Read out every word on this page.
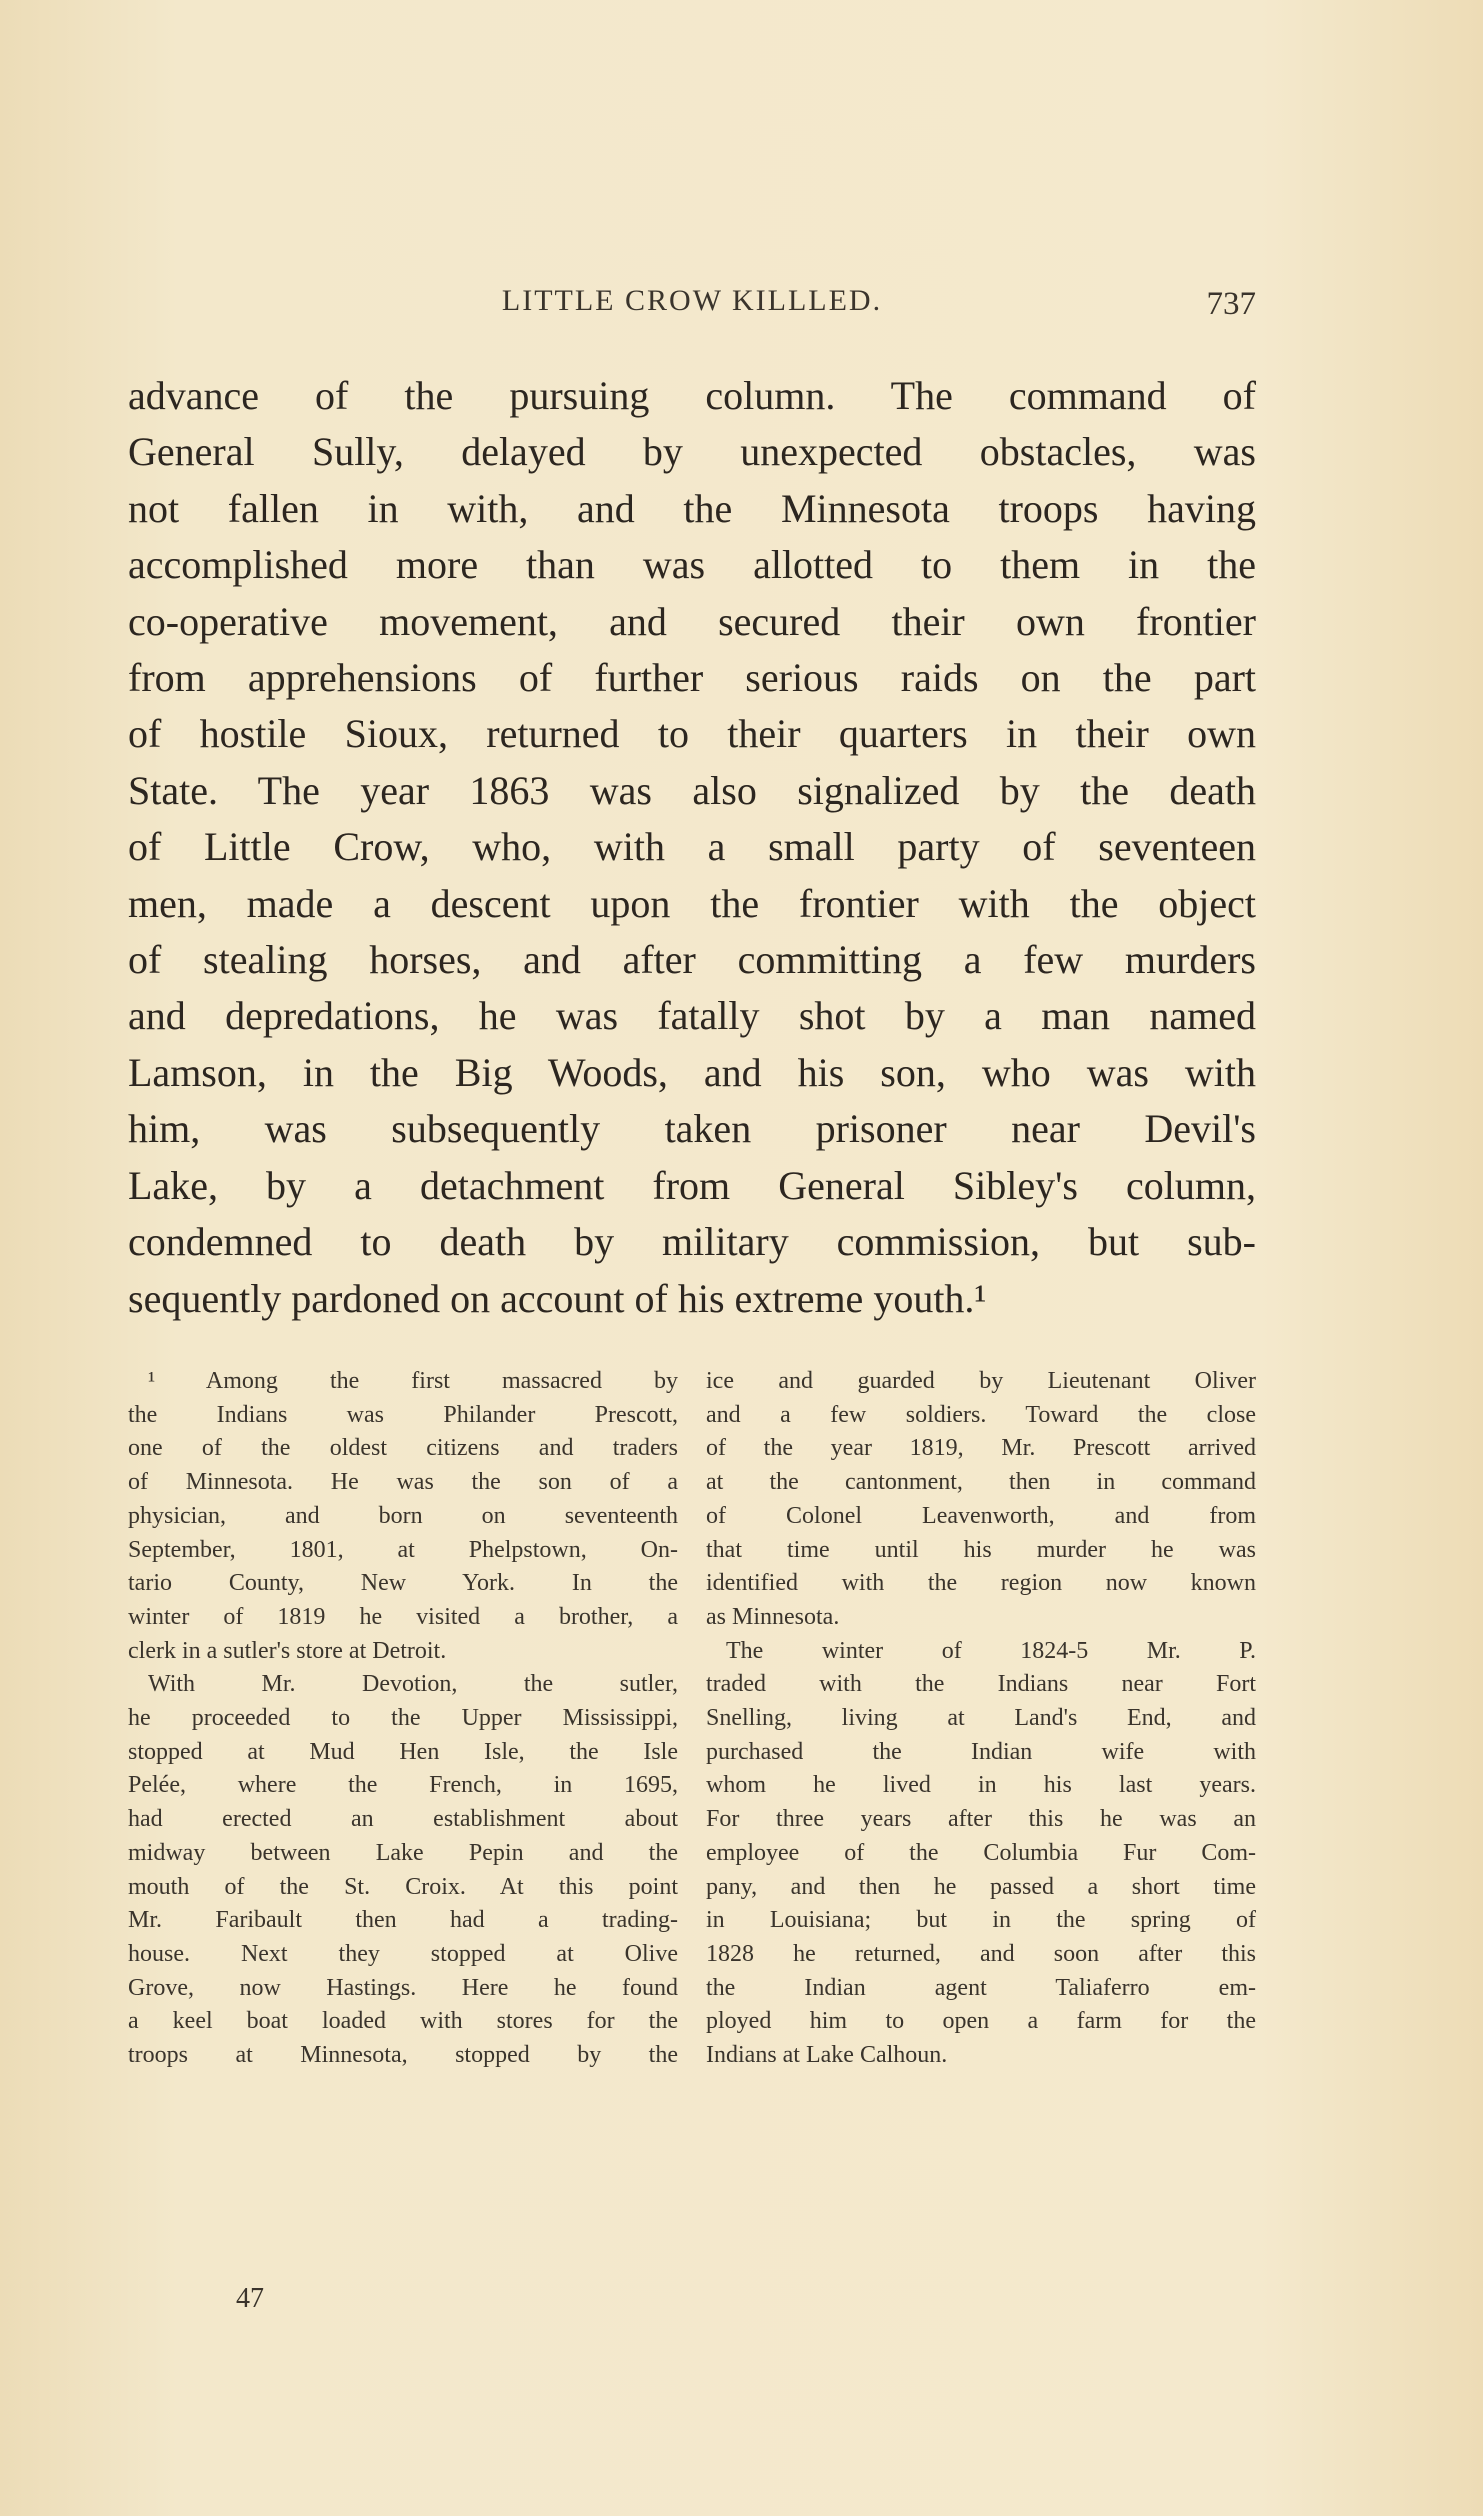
LITTLE CROW KILLLED.	737
advance of the pursuing column. The command of
General Sully, delayed by unexpected obstacles, was
not fallen in with, and the Minnesota troops having
accomplished more than was allotted to them in the
co-operative movement, and secured their own frontier
from apprehensions of further serious raids on the part
of hostile Sioux, returned to their quarters in their own
State. The year 1863 was also signalized by the death
of Little Crow, who, with a small party of seventeen
men, made a descent upon the frontier with the object
of stealing horses, and after committing a few murders
and depredations, he was fatally shot by a man named
Lamson, in the Big Woods, and his son, who was with
him, was subsequently taken prisoner near Devil's
Lake, by a detachment from General Sibley's column,
condemned to death by military commission, but sub-
sequently pardoned on account of his extreme youth.¹
¹ Among the first massacred by
the Indians was Philander Prescott,
one of the oldest citizens and traders
of Minnesota. He was the son of a
physician, and born on seventeenth
September, 1801, at Phelpstown, On-
tario County, New York. In the
winter of 1819 he visited a brother, a
clerk in a sutler's store at Detroit.
With Mr. Devotion, the sutler,
he proceeded to the Upper Mississippi,
stopped at Mud Hen Isle, the Isle
Pelée, where the French, in 1695,
had erected an establishment about
midway between Lake Pepin and the
mouth of the St. Croix. At this point
Mr. Faribault then had a trading-
house. Next they stopped at Olive
Grove, now Hastings. Here he found
a keel boat loaded with stores for the
troops at Minnesota, stopped by the
ice and guarded by Lieutenant Oliver
and a few soldiers. Toward the close
of the year 1819, Mr. Prescott arrived
at the cantonment, then in command
of Colonel Leavenworth, and from
that time until his murder he was
identified with the region now known
as Minnesota.
The winter of 1824-5 Mr. P.
traded with the Indians near Fort
Snelling, living at Land's End, and
purchased the Indian wife with
whom he lived in his last years.
For three years after this he was an
employee of the Columbia Fur Com-
pany, and then he passed a short time
in Louisiana; but in the spring of
1828 he returned, and soon after this
the Indian agent Taliaferro em-
ployed him to open a farm for the
Indians at Lake Calhoun.
47
